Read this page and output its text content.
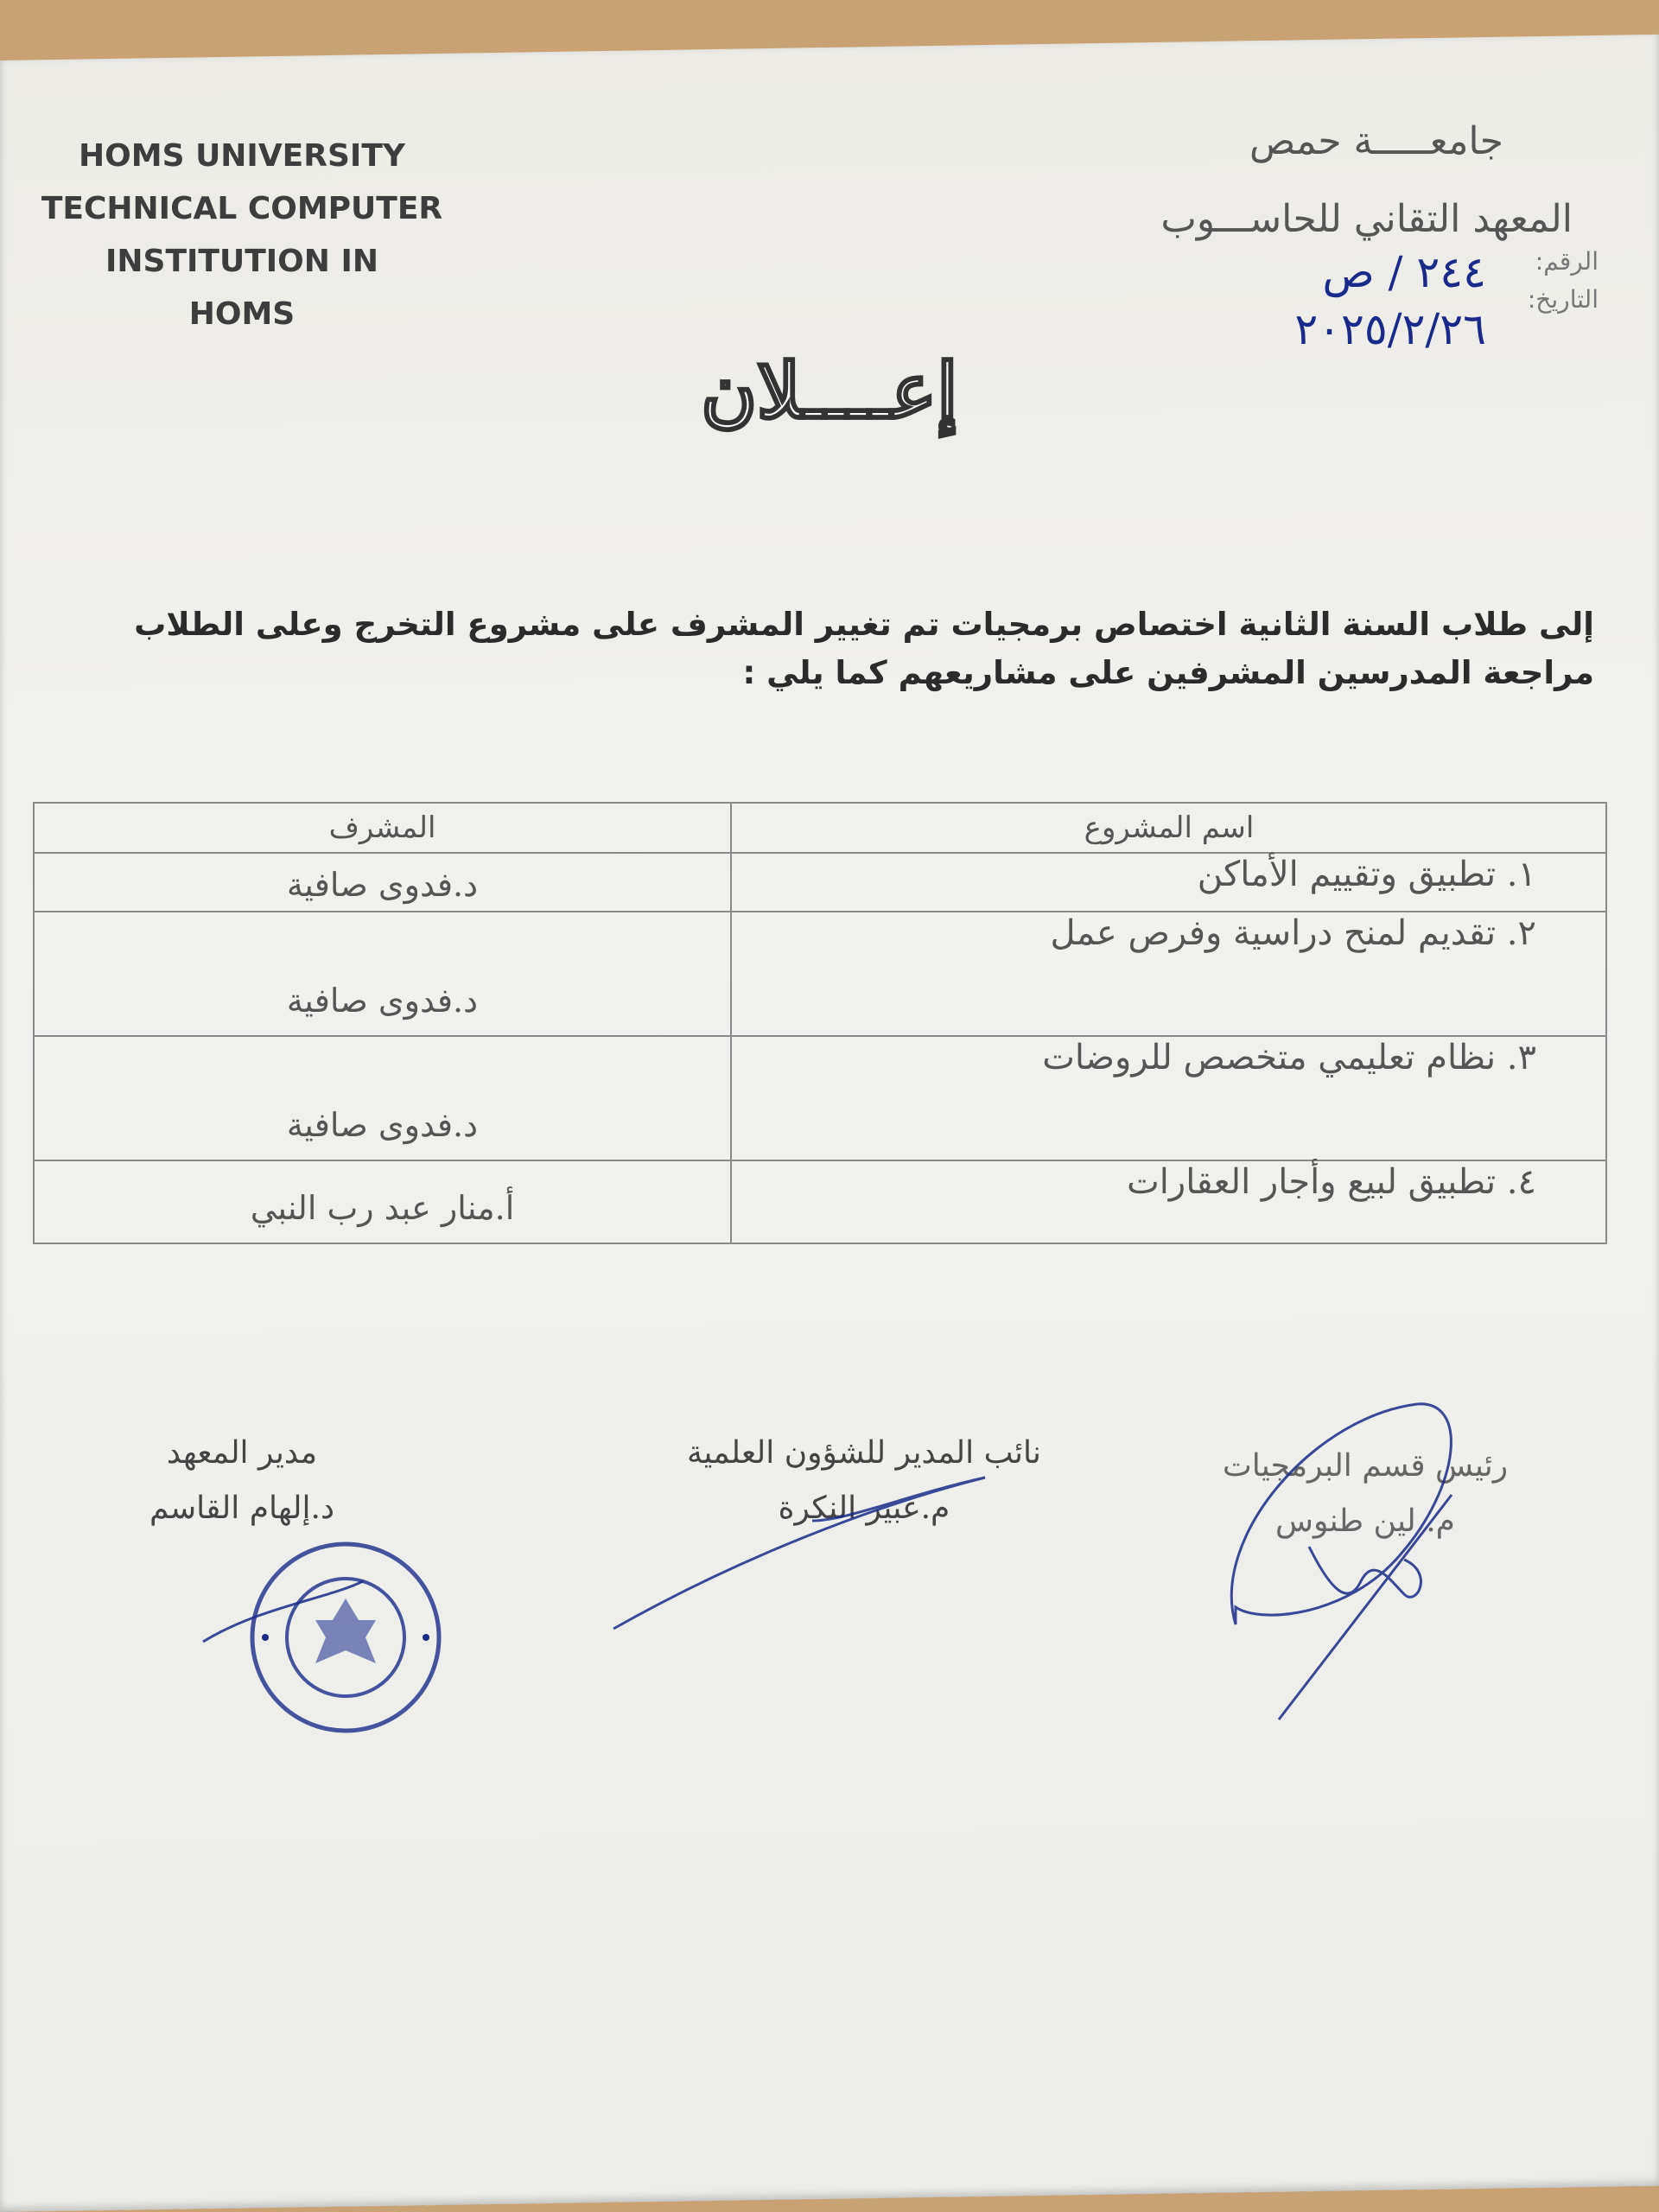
HOMS UNIVERSITY
TECHNICAL COMPUTER
INSTITUTION IN
HOMS
جامعـــــة حمص
المعهد التقاني للحاســـوب
الرقم:
التاريخ:
٢٤٤ / ص
٢٠٢٥/٢/٢٦
إعــــلان
إلى طلاب السنة الثانية اختصاص برمجيات تم تغيير المشرف على مشروع التخرج وعلى الطلاب مراجعة المدرسين المشرفين على مشاريعهم كما يلي :
اسم المشروع	المشرف
١. تطبيق وتقييم الأماكن	د.فدوى صافية
٢. تقديم لمنح دراسية وفرص عمل	د.فدوى صافية
٣. نظام تعليمي متخصص للروضات	د.فدوى صافية
٤. تطبيق لبيع وأجار العقارات	أ.منار عبد رب النبي
مدير المعهد
د.إلهام القاسم
نائب المدير للشؤون العلمية
م.عبير النكرة
رئيس قسم البرمجيات
م. لين طنوس
